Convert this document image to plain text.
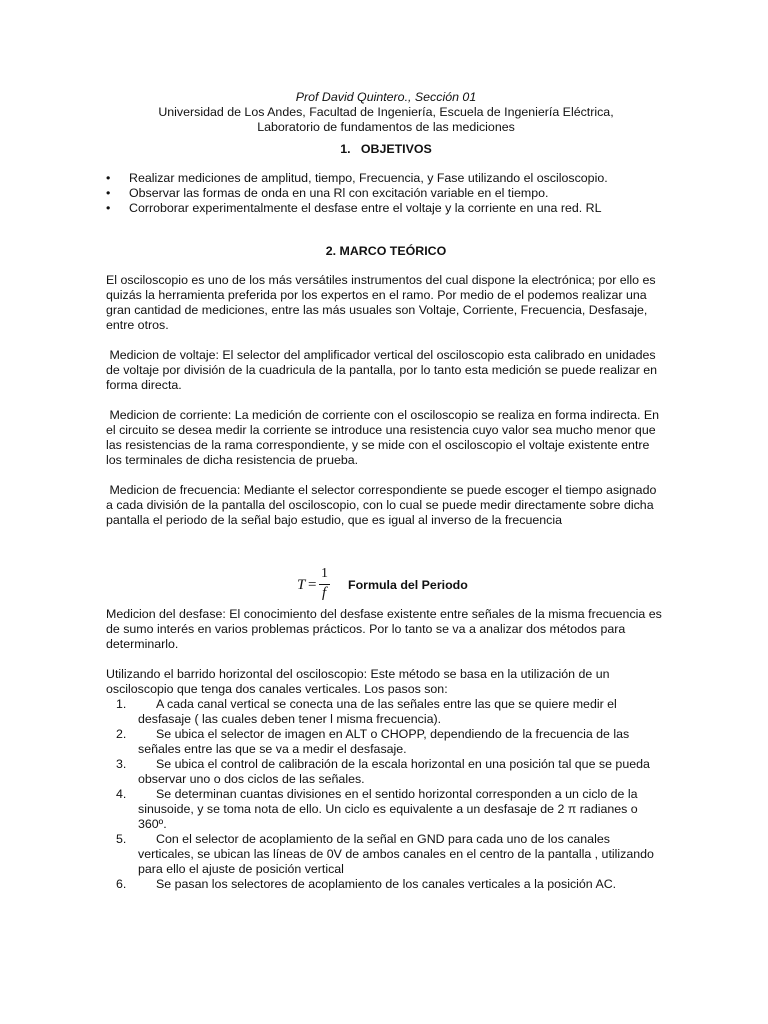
Prof David Quintero., Sección 01
Universidad de Los Andes, Facultad de Ingeniería, Escuela de Ingeniería Eléctrica,
Laboratorio de fundamentos de las mediciones
1.   OBJETIVOS
• Realizar mediciones de amplitud, tiempo, Frecuencia, y Fase utilizando el osciloscopio.
• Observar las formas de onda en una Rl con excitación variable en el tiempo.
• Corroborar experimentalmente el desfase entre el voltaje y la corriente en una red. RL
2. MARCO TEÓRICO

El osciloscopio es uno de los más versátiles instrumentos del cual dispone la electrónica; por ello es quizás la herramienta preferida por los expertos en el ramo. Por medio de el podemos realizar una gran cantidad de mediciones, entre las más usuales son Voltaje, Corriente, Frecuencia, Desfasaje, entre otros.

Medicion de voltaje: El selector del amplificador vertical del osciloscopio esta calibrado en unidades de voltaje por división de la cuadricula de la pantalla, por lo tanto esta medición se puede realizar en forma directa.

Medicion de corriente: La medición de corriente con el osciloscopio se realiza en forma indirecta. En el circuito se desea medir la corriente se introduce una resistencia cuyo valor sea mucho menor que las resistencias de la rama correspondiente, y se mide con el osciloscopio el voltaje existente entre los terminales de dicha resistencia de prueba.

Medicion de frecuencia: Mediante el selector correspondiente se puede escoger el tiempo asignado a cada división de la pantalla del osciloscopio, con lo cual se puede medir directamente sobre dicha  pantalla el periodo de la señal bajo estudio, que es igual al inverso de la frecuencia

Medicion del desfase: El conocimiento del desfase existente entre señales de la misma frecuencia es de sumo interés en varios problemas prácticos. Por lo tanto se va a analizar dos métodos para determinarlo.

Utilizando el barrido horizontal del osciloscopio: Este método se basa en la utilización de un osciloscopio que tenga dos canales verticales. Los pasos son:

1.	A cada canal vertical se conecta una de las señales entre las que se quiere medir el desfasaje ( las cuales deben tener l misma frecuencia).
2.	Se ubica el selector de imagen en ALT o CHOPP, dependiendo de la frecuencia de las señales entre las que se va a medir el desfasaje.
3.	Se ubica el control de calibración de la escala horizontal en una posición tal que se pueda observar uno o dos ciclos de las señales.
4.	Se determinan cuantas divisiones en el sentido horizontal corresponden a un ciclo de la sinusoide, y se toma nota de ello. Un ciclo es equivalente a un desfasaje de 2 π radianes o 360º.
5.	Con el selector de acoplamiento de la señal en GND para cada uno de los canales verticales, se ubican las líneas de 0V de ambos canales en el centro de la pantalla , utilizando para ello el ajuste de posición vertical
6.	Se pasan los selectores de acoplamiento de los canales verticales a la posición AC.
T =
1
f Formula del Periodo
